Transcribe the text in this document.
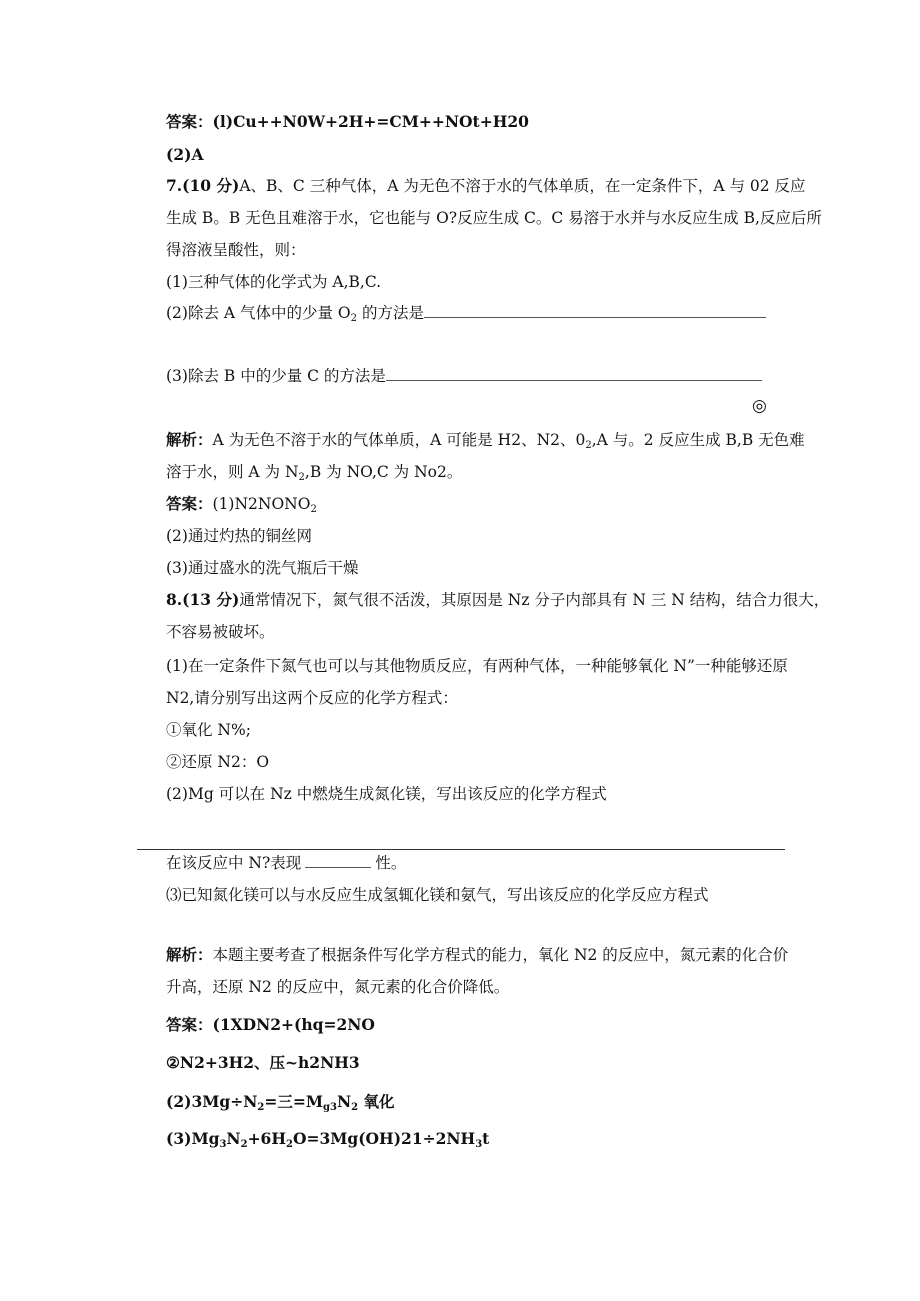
答案：(l)Cu++N0W+2H+=CM++NOt+H20
(2)A
7.(10 分)A、B、C 三种气体，A 为无色不溶于水的气体单质，在一定条件下，A 与 02 反应
生成 B。B 无色且难溶于水，它也能与 O?反应生成 C。C 易溶于水并与水反应生成 B,反应后所
得溶液呈酸性，则：
(1)三种气体的化学式为 A,B,C.
(2)除去 A 气体中的少量 $O_2$ 的方法是
(3)除去 B 中的少量 C 的方法是
◎
解析：A 为无色不溶于水的气体单质，A 可能是 H2、N2、$0_2,A$ 与。2 反应生成 B,B 无色难
溶于水，则 A 为 $N_2,B$ 为 NO,C 为 No2。
答案：$(1)N2NONO_2$
(2)通过灼热的铜丝网
(3)通过盛水的洗气瓶后干燥
8.(13 分)通常情况下，氮气很不活泼，其原因是 Nz 分子内部具有 N 三 N 结构，结合力很大，
不容易被破坏。
(1)在一定条件下氮气也可以与其他物质反应，有两种气体，一种能够氧化 N”一种能够还原
N2,请分别写出这两个反应的化学方程式：
①氧化 N%;
②还原 N2：O
(2)Mg 可以在 Nz 中燃烧生成氮化镁，写出该反应的化学方程式
在该反应中 N?表现	性。
⑶已知氮化镁可以与水反应生成氢辄化镁和氨气，写出该反应的化学反应方程式
解析：本题主要考查了根据条件写化学方程式的能力，氧化 N2 的反应中，氮元素的化合价
升高，还原 N2 的反应中，氮元素的化合价降低。
答案：(1XDN2+(hq=2NO
②N2+3H2、压~h2NH3
$(2)3Mg\div N_2=$三$=M_{g3}N_2$ 氧化
$(3)Mg_3N_2+6H_2O=3Mg(OH)21\div 2NH_3t$
